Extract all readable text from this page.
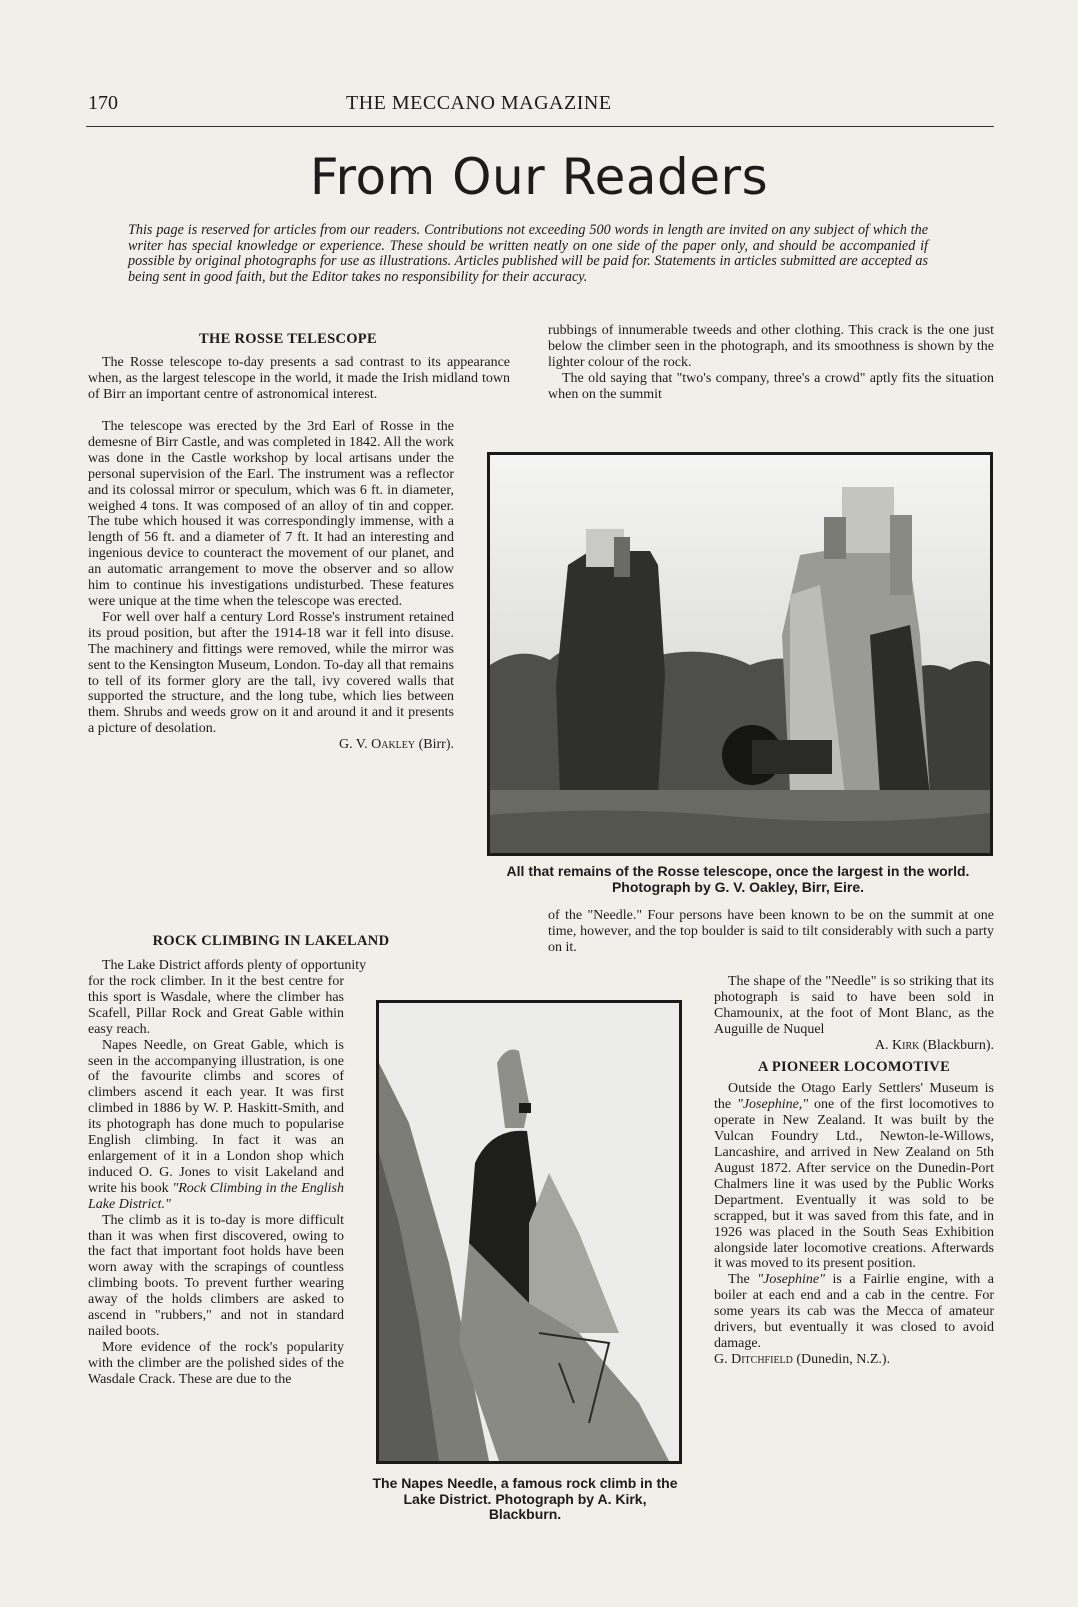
170	THE MECCANO MAGAZINE
From Our Readers
This page is reserved for articles from our readers. Contributions not exceeding 500 words in length are invited on any subject of which the writer has special knowledge or experience. These should be written neatly on one side of the paper only, and should be accompanied if possible by original photographs for use as illustrations. Articles published will be paid for. Statements in articles submitted are accepted as being sent in good faith, but the Editor takes no responsibility for their accuracy.
THE ROSSE TELESCOPE

The Rosse telescope to-day presents a sad contrast to its appearance when, as the largest telescope in the world, it made the Irish midland town of Birr an important centre of astronomical interest.

The telescope was erected by the 3rd Earl of Rosse in the demesne of Birr Castle, and was completed in 1842. All the work was done in the Castle workshop by local artisans under the personal supervision of the Earl. The instrument was a reflector and its colossal mirror or speculum, which was 6 ft. in diameter, weighed 4 tons. It was composed of an alloy of tin and copper. The tube which housed it was correspondingly immense, with a length of 56 ft. and a diameter of 7 ft. It had an interesting and ingenious device to counteract the movement of our planet, and an automatic arrangement to move the observer and so allow him to continue his investigations undisturbed. These features were unique at the time when the telescope was erected.

For well over half a century Lord Rosse's instrument retained its proud position, but after the 1914-18 war it fell into disuse. The machinery and fittings were removed, while the mirror was sent to the Kensington Museum, London. To-day all that remains to tell of its former glory are the tall, ivy covered walls that supported the structure, and the long tube, which lies between them. Shrubs and weeds grow on it and around it and it presents a picture of desolation.

G. V. Oakley (Birr).
ROCK CLIMBING IN LAKELAND

The Lake District affords plenty of opportunity

for the rock climber. In it the best centre for this sport is Wasdale, where the climber has Scafell, Pillar Rock and Great Gable within easy reach.

Napes Needle, on Great Gable, which is seen in the accompanying illustration, is one of the favourite climbs and scores of climbers ascend it each year. It was first climbed in 1886 by W. P. Haskitt-Smith, and its photograph has done much to popularise English climbing. In fact it was an enlargement of it in a London shop which induced O. G. Jones to visit Lakeland and write his book "Rock Climbing in the English Lake District."

The climb as it is to-day is more difficult than it was when first discovered, owing to the fact that important foot holds have been worn away with the scrapings of countless climbing boots. To prevent further wearing away of the holds climbers are asked to ascend in "rubbers," and not in standard nailed boots.

More evidence of the rock's popularity with the climber are the polished sides of the Wasdale Crack. These are due to the

rubbings of innumerable tweeds and other clothing. This crack is the one just below the climber seen in the photograph, and its smoothness is shown by the lighter colour of the rock.

The old saying that "two's company, three's a crowd" aptly fits the situation when on the summit

All that remains of the Rosse telescope, once the largest in the world. Photograph by G. V. Oakley, Birr, Eire.

of the "Needle." Four persons have been known to be on the summit at one time, however, and the top boulder is said to tilt considerably with such a party on it.

The Napes Needle, a famous rock climb in the Lake District. Photograph by A. Kirk, Blackburn.

The shape of the "Needle" is so striking that its photograph is said to have been sold in Chamounix, at the foot of Mont Blanc, as the Auguille de Nuquel

A. Kirk (Blackburn).
A PIONEER LOCOMOTIVE

Outside the Otago Early Settlers' Museum is the "Josephine," one of the first locomotives to operate in New Zealand. It was built by the Vulcan Foundry Ltd., Newton-le-Willows, Lancashire, and arrived in New Zealand on 5th August 1872. After service on the Dunedin-Port Chalmers line it was used by the Public Works Department. Eventually it was sold to be scrapped, but it was saved from this fate, and in 1926 was placed in the South Seas Exhibition alongside later locomotive creations. Afterwards it was moved to its present position.

The "Josephine" is a Fairlie engine, with a boiler at each end and a cab in the centre. For some years its cab was the Mecca of amateur drivers, but eventually it was closed to avoid damage.

G. Ditchfield (Dunedin, N.Z.).
